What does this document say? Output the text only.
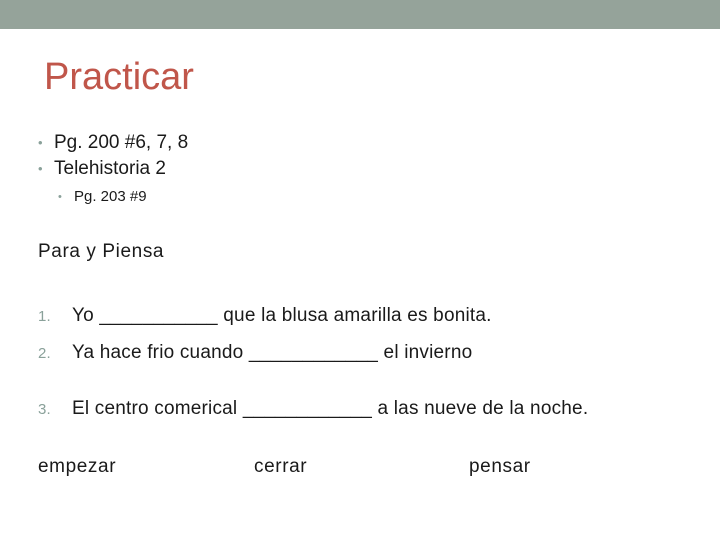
Practicar
• Pg. 200 #6, 7, 8
• Telehistoria 2
• Pg. 203 #9
Para y Piensa
1. Yo ___________ que la blusa amarilla es bonita.
2. Ya hace frio cuando ____________ el invierno
3. El centro comerical ____________ a las nueve de la noche.
empezar	cerrar	pensar
